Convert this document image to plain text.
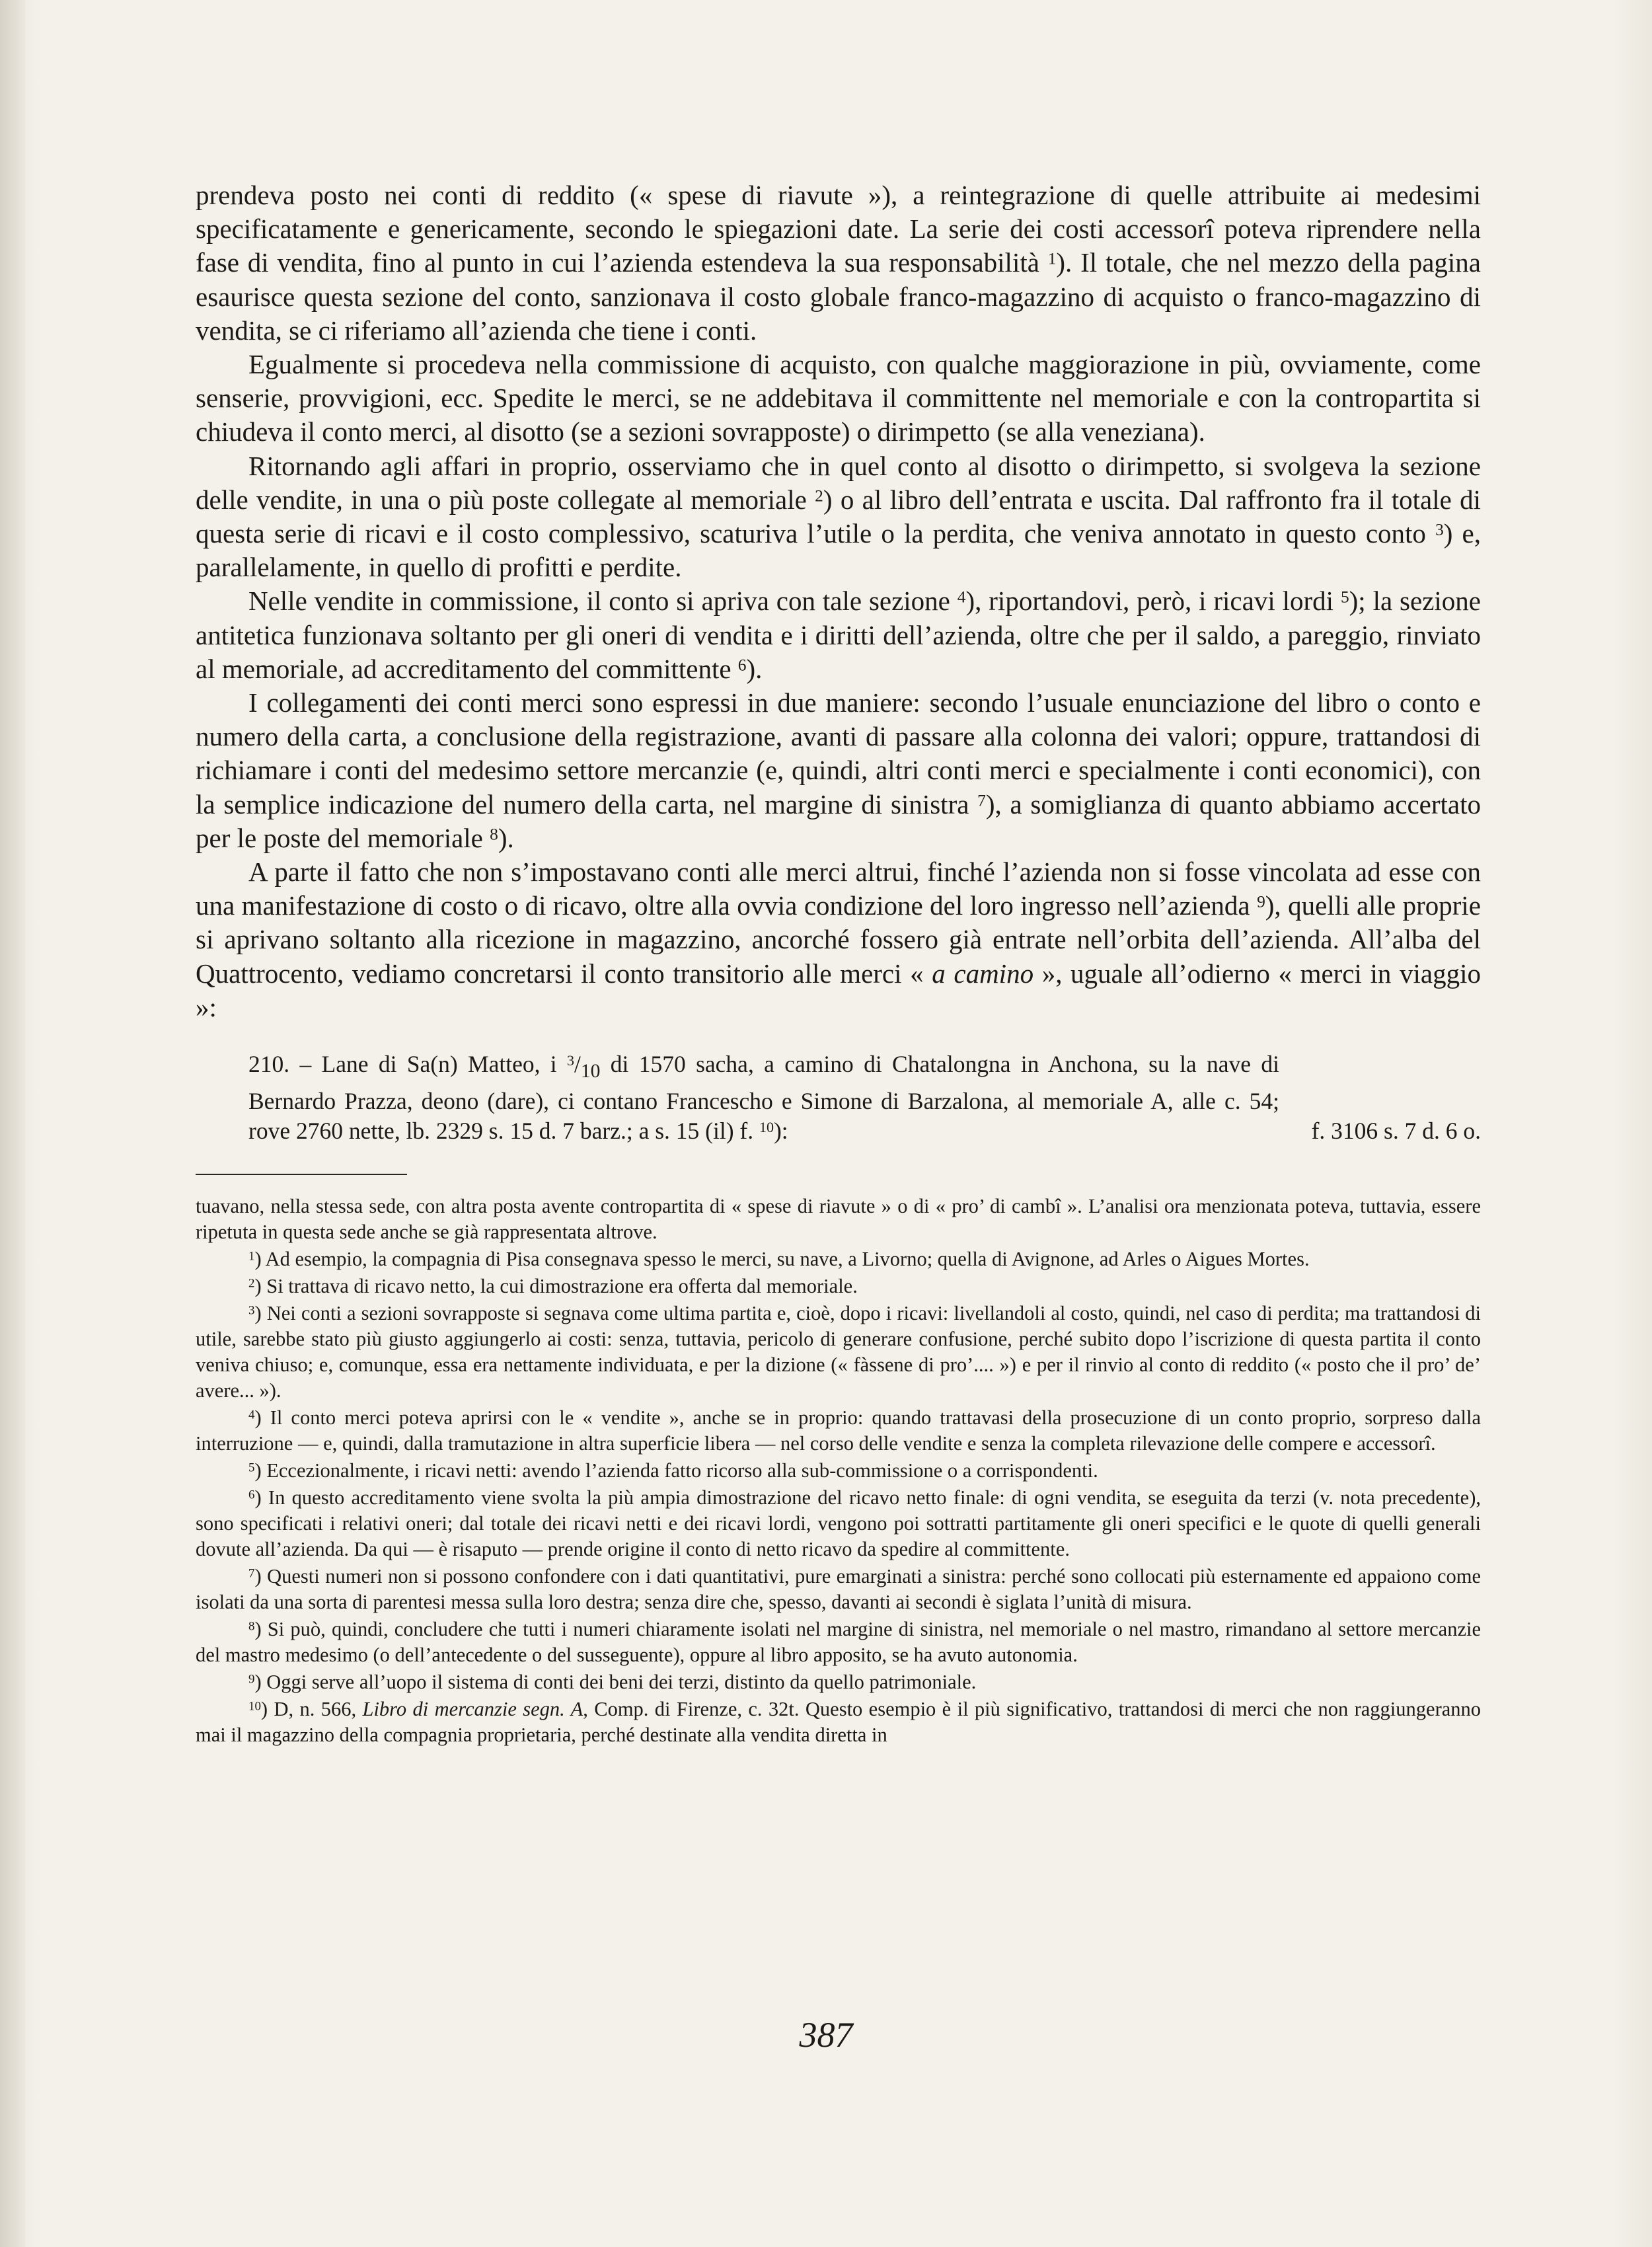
prendeva posto nei conti di reddito (« spese di riavute »), a reintegrazione di quelle attribuite ai medesimi specificatamente e genericamente, secondo le spiegazioni date. La serie dei costi accessorî poteva riprendere nella fase di vendita, fino al punto in cui l’azienda estendeva la sua responsabilità $^1$). Il totale, che nel mezzo della pagina esaurisce questa sezione del conto, sanzionava il costo globale franco-magazzino di acquisto o franco-magazzino di vendita, se ci riferiamo all’azienda che tiene i conti.

Egualmente si procedeva nella commissione di acquisto, con qualche maggiorazione in più, ovviamente, come senserie, provvigioni, ecc. Spedite le merci, se ne addebitava il committente nel memoriale e con la contropartita si chiudeva il conto merci, al disotto (se a sezioni sovrapposte) o dirimpetto (se alla veneziana).

Ritornando agli affari in proprio, osserviamo che in quel conto al disotto o dirimpetto, si svolgeva la sezione delle vendite, in una o più poste collegate al memoriale $^2$) o al libro dell’entrata e uscita. Dal raffronto fra il totale di questa serie di ricavi e il costo complessivo, scaturiva l’utile o la perdita, che veniva annotato in questo conto $^3$) e, parallelamente, in quello di profitti e perdite.

Nelle vendite in commissione, il conto si apriva con tale sezione $^4$), riportandovi, però, i ricavi lordi $^5$); la sezione antitetica funzionava soltanto per gli oneri di vendita e i diritti dell’azienda, oltre che per il saldo, a pareggio, rinviato al memoriale, ad accreditamento del committente $^6$).

I collegamenti dei conti merci sono espressi in due maniere: secondo l’usuale enunciazione del libro o conto e numero della carta, a conclusione della registrazione, avanti di passare alla colonna dei valori; oppure, trattandosi di richiamare i conti del medesimo settore mercanzie (e, quindi, altri conti merci e specialmente i conti economici), con la semplice indicazione del numero della carta, nel margine di sinistra $^7$), a somiglianza di quanto abbiamo accertato per le poste del memoriale $^8$).

A parte il fatto che non s’impostavano conti alle merci altrui, finché l’azienda non si fosse vincolata ad esse con una manifestazione di costo o di ricavo, oltre alla ovvia condizione del loro ingresso nell’azienda $^9$), quelli alle proprie si aprivano soltanto alla ricezione in magazzino, ancorché fossero già entrate nell’orbita dell’azienda. All’alba del Quattrocento, vediamo concretarsi il conto transitorio alle merci « a camino », uguale all’odierno « merci in viaggio »:

210. – Lane di Sa(n) Matteo, i $^3/_{10}$ di 1570 sacha, a camino di Chatalongna in Anchona, su la nave di Bernardo Prazza, deono (dare), ci contano Francescho e Simone di Barzalona, al memoriale A, alle c. 54; rove 2760 nette, lb. 2329 s. 15 d. 7 barz.; a s. 15 (il) f. $^{10}$):	f. 3106 s. 7 d. 6 o.

tuavano, nella stessa sede, con altra posta avente contropartita di « spese di riavute » o di « pro’ di cambî ». L’analisi ora menzionata poteva, tuttavia, essere ripetuta in questa sede anche se già rappresentata altrove.

$^1$) Ad esempio, la compagnia di Pisa consegnava spesso le merci, su nave, a Livorno; quella di Avignone, ad Arles o Aigues Mortes.

$^2$) Si trattava di ricavo netto, la cui dimostrazione era offerta dal memoriale.

$^3$) Nei conti a sezioni sovrapposte si segnava come ultima partita e, cioè, dopo i ricavi: livellandoli al costo, quindi, nel caso di perdita; ma trattandosi di utile, sarebbe stato più giusto aggiungerlo ai costi: senza, tuttavia, pericolo di generare confusione, perché subito dopo l’iscrizione di questa partita il conto veniva chiuso; e, comunque, essa era nettamente individuata, e per la dizione (« fàssene di pro’.... ») e per il rinvio al conto di reddito (« posto che il pro’ de’ avere... »).

$^4$) Il conto merci poteva aprirsi con le « vendite », anche se in proprio: quando trattavasi della prosecuzione di un conto proprio, sorpreso dalla interruzione — e, quindi, dalla tramutazione in altra superficie libera — nel corso delle vendite e senza la completa rilevazione delle compere e accessorî.

$^5$) Eccezionalmente, i ricavi netti: avendo l’azienda fatto ricorso alla sub-commissione o a corrispondenti.

$^6$) In questo accreditamento viene svolta la più ampia dimostrazione del ricavo netto finale: di ogni vendita, se eseguita da terzi (v. nota precedente), sono specificati i relativi oneri; dal totale dei ricavi netti e dei ricavi lordi, vengono poi sottratti partitamente gli oneri specifici e le quote di quelli generali dovute all’azienda. Da qui — è risaputo — prende origine il conto di netto ricavo da spedire al committente.

$^7$) Questi numeri non si possono confondere con i dati quantitativi, pure emarginati a sinistra: perché sono collocati più esternamente ed appaiono come isolati da una sorta di parentesi messa sulla loro destra; senza dire che, spesso, davanti ai secondi è siglata l’unità di misura.

$^8$) Si può, quindi, concludere che tutti i numeri chiaramente isolati nel margine di sinistra, nel memoriale o nel mastro, rimandano al settore mercanzie del mastro medesimo (o dell’antecedente o del susseguente), oppure al libro apposito, se ha avuto autonomia.

$^9$) Oggi serve all’uopo il sistema di conti dei beni dei terzi, distinto da quello patrimoniale.

$^{10}$) D, n. 566, Libro di mercanzie segn. A, Comp. di Firenze, c. 32t. Questo esempio è il più significativo, trattandosi di merci che non raggiungeranno mai il magazzino della compagnia proprietaria, perché destinate alla vendita diretta in

387
